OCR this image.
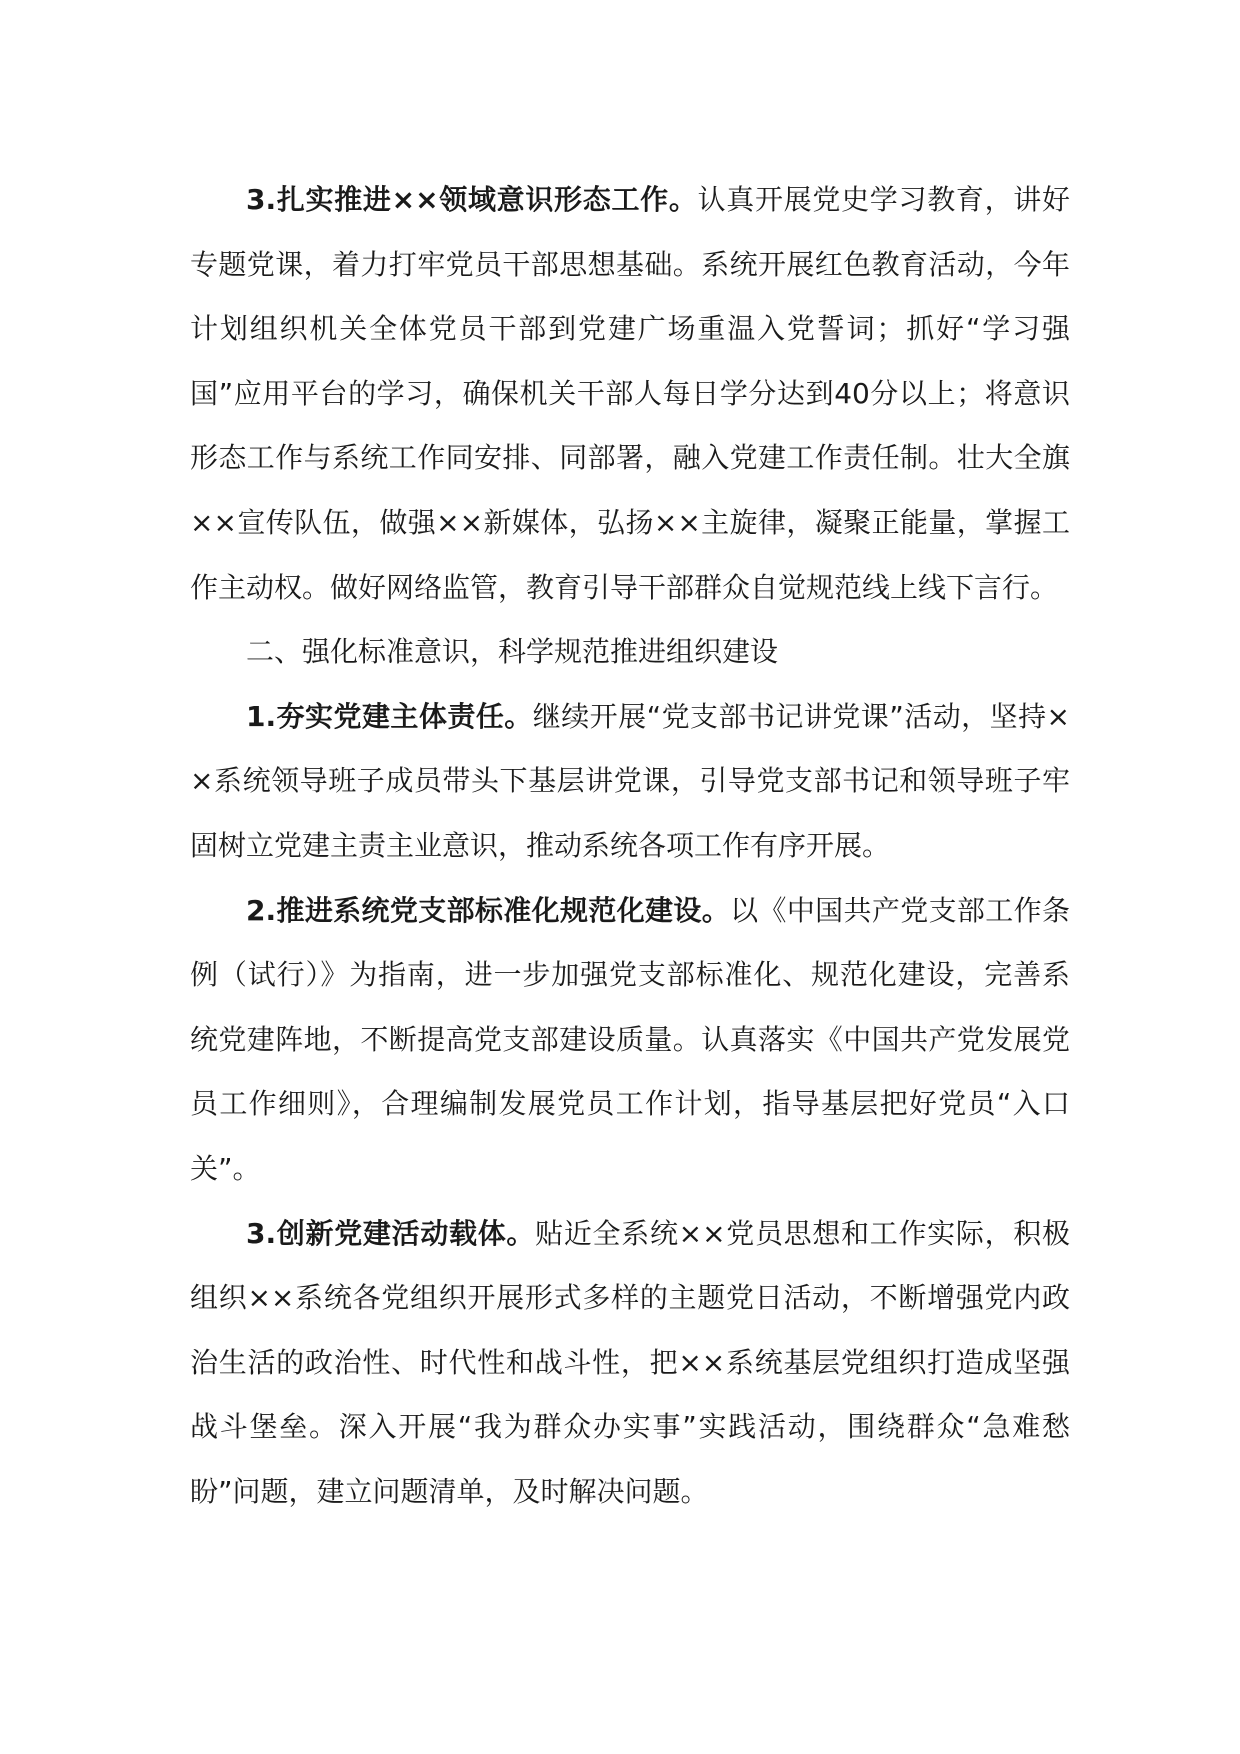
3.扎实推进××领域意识形态工作。认真开展党史学习教育，讲好专题党课，着力打牢党员干部思想基础。系统开展红色教育活动，今年计划组织机关全体党员干部到党建广场重温入党誓词；抓好“学习强国”应用平台的学习，确保机关干部人每日学分达到40分以上；将意识形态工作与系统工作同安排、同部署，融入党建工作责任制。壮大全旗××宣传队伍，做强××新媒体，弘扬××主旋律，凝聚正能量，掌握工作主动权。做好网络监管，教育引导干部群众自觉规范线上线下言行。

二、强化标准意识，科学规范推进组织建设

1.夯实党建主体责任。继续开展“党支部书记讲党课”活动，坚持××系统领导班子成员带头下基层讲党课，引导党支部书记和领导班子牢固树立党建主责主业意识，推动系统各项工作有序开展。

2.推进系统党支部标准化规范化建设。以《中国共产党支部工作条例（试行）》为指南，进一步加强党支部标准化、规范化建设，完善系统党建阵地，不断提高党支部建设质量。认真落实《中国共产党发展党员工作细则》，合理编制发展党员工作计划，指导基层把好党员“入口关”。

3.创新党建活动载体。贴近全系统××党员思想和工作实际，积极组织××系统各党组织开展形式多样的主题党日活动，不断增强党内政治生活的政治性、时代性和战斗性，把××系统基层党组织打造成坚强战斗堡垒。深入开展“我为群众办实事”实践活动，围绕群众“急难愁盼”问题，建立问题清单，及时解决问题。
